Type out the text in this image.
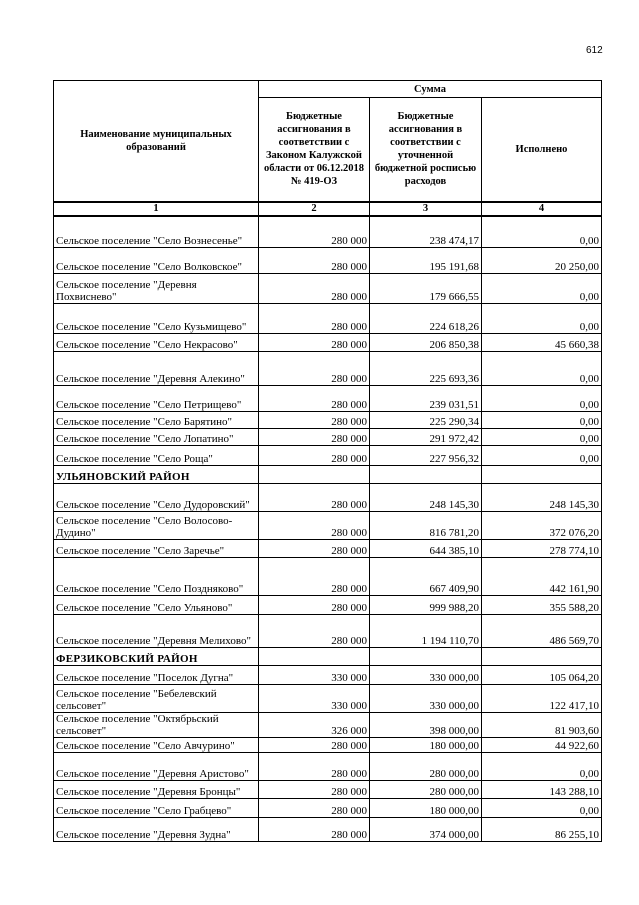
612
Наименование муниципальных образований	Сумма		
	Бюджетные ассигнования в соответствии с Законом Калужской области от 06.12.2018 № 419-ОЗ	Бюджетные ассигнования в соответствии с уточненной бюджетной росписью расходов	Исполнено
1	2	3	4
Сельское поселение "Село Вознесенье"	280 000	238 474,17	0,00
Сельское поселение "Село Волковское"	280 000	195 191,68	20 250,00
Сельское поселение "Деревня Похвиснево"	280 000	179 666,55	0,00
Сельское поселение "Село Кузьмищево"	280 000	224 618,26	0,00
Сельское поселение "Село Некрасово"	280 000	206 850,38	45 660,38
Сельское поселение "Деревня Алекино"	280 000	225 693,36	0,00
Сельское поселение "Село Петрищево"	280 000	239 031,51	0,00
Сельское поселение "Село Барятино"	280 000	225 290,34	0,00
Сельское поселение "Село Лопатино"	280 000	291 972,42	0,00
Сельское поселение "Село Роща"	280 000	227 956,32	0,00
УЛЬЯНОВСКИЙ РАЙОН			
Сельское поселение "Село Дудоровский"	280 000	248 145,30	248 145,30
Сельское поселение "Село Волосово-Дудино"	280 000	816 781,20	372 076,20
Сельское поселение "Село Заречье"	280 000	644 385,10	278 774,10
Сельское поселение "Село Поздняково"	280 000	667 409,90	442 161,90
Сельское поселение "Село Ульяново"	280 000	999 988,20	355 588,20
Сельское поселение "Деревня Мелихово"	280 000	1 194 110,70	486 569,70
ФЕРЗИКОВСКИЙ РАЙОН			
Сельское поселение "Поселок Дугна"	330 000	330 000,00	105 064,20
Сельское поселение "Бебелевский сельсовет"	330 000	330 000,00	122 417,10
Сельское поселение "Октябрьский сельсовет"	326 000	398 000,00	81 903,60
Сельское поселение "Село Авчурино"	280 000	180 000,00	44 922,60
Сельское поселение "Деревня Аристово"	280 000	280 000,00	0,00
Сельское поселение "Деревня Бронцы"	280 000	280 000,00	143 288,10
Сельское поселение "Село Грабцево"	280 000	180 000,00	0,00
Сельское поселение "Деревня Зудна"	280 000	374 000,00	86 255,10
